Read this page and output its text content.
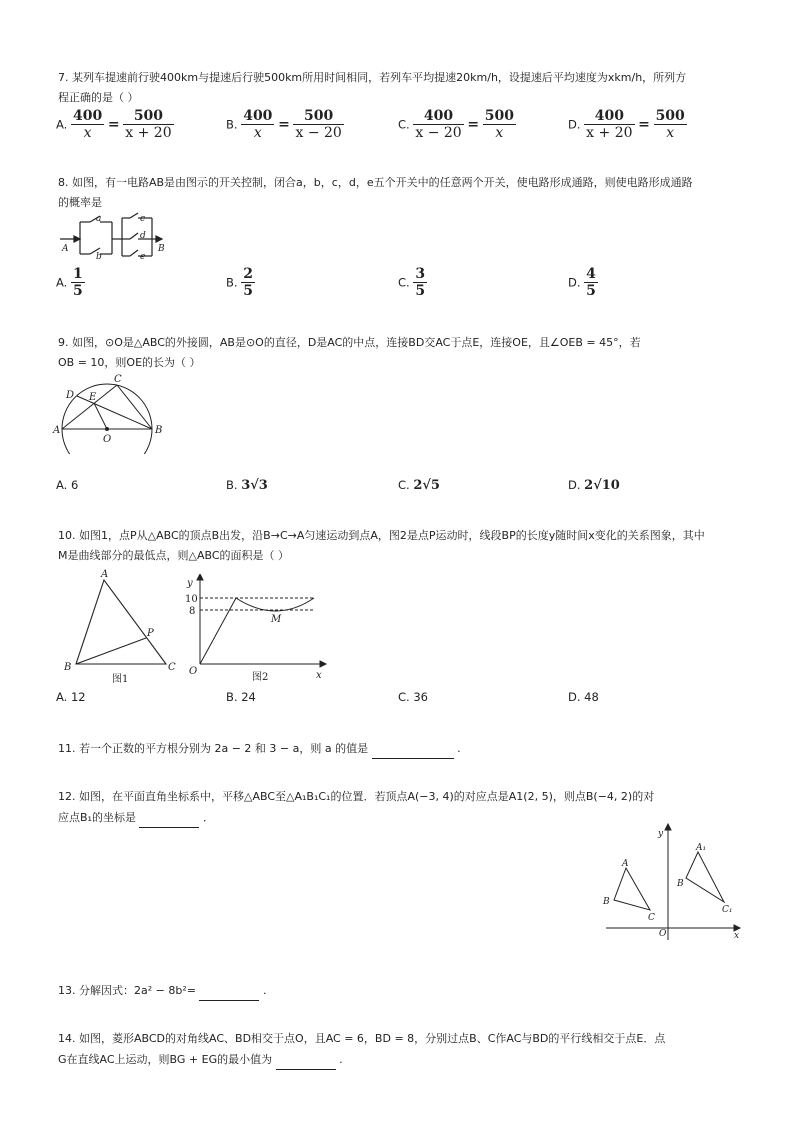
7. 某列车提速前行驶400km与提速后行驶500km所用时间相同，若列车平均提速20km/h，设提速后平均速度为xkm/h，所列方
程正确的是（ ）
A. $\frac{400}{x} = \frac{500}{x + 20}$	B. $\frac{400}{x} = \frac{500}{x - 20}$	C. $\frac{400}{x - 20} = \frac{500}{x}$	D. $\frac{400}{x + 20} = \frac{500}{x}$
8. 如图，有一电路AB是由图示的开关控制，闭合a，b，c，d，e五个开关中的任意两个开关，使电路形成通路，则使电路形成通路
的概率是
A	B
a
b
c
d
e
A. $\frac{1}{5}$	B. $\frac{2}{5}$	C. $\frac{3}{5}$	D. $\frac{4}{5}$
9. 如图，⊙O是△ABC的外接圆，AB是⊙O的直径，D是AC的中点，连接BD交AC于点E，连接OE，且∠OEB = 45°，若
OB = 10，则OE的长为（ ）
A	B
C
D E
O
A. 6	B. 3√3	C. 2√5	D. 2√10
10. 如图1，点P从△ABC的顶点B出发，沿B→C→A匀速运动到点A，图2是点P运动时，线段BP的长度y随时间x变化的关系图象，其中
M是曲线部分的最低点，则△ABC的面积是（ ）
A
B	C
P
图1
y
x
O
10
8
M
图2
A. 12	B. 24	C. 36	D. 48
11. 若一个正数的平方根分别为 2a − 2 和 3 − a，则 a 的值是	.
12. 如图，在平面直角坐标系中，平移△ABC至△A₁B₁C₁的位置．若顶点A(−3, 4)的对应点是A1(2, 5)，则点B(−4, 2)的对
应点B₁的坐标是	．
y
x
O
A
B
C
A₁
B
C₁
13. 分解因式：2a² − 8b²=	.
14. 如图，菱形ABCD的对角线AC、BD相交于点O，且AC = 6，BD = 8，分别过点B、C作AC与BD的平行线相交于点E．点
G在直线AC上运动，则BG + EG的最小值为	.
